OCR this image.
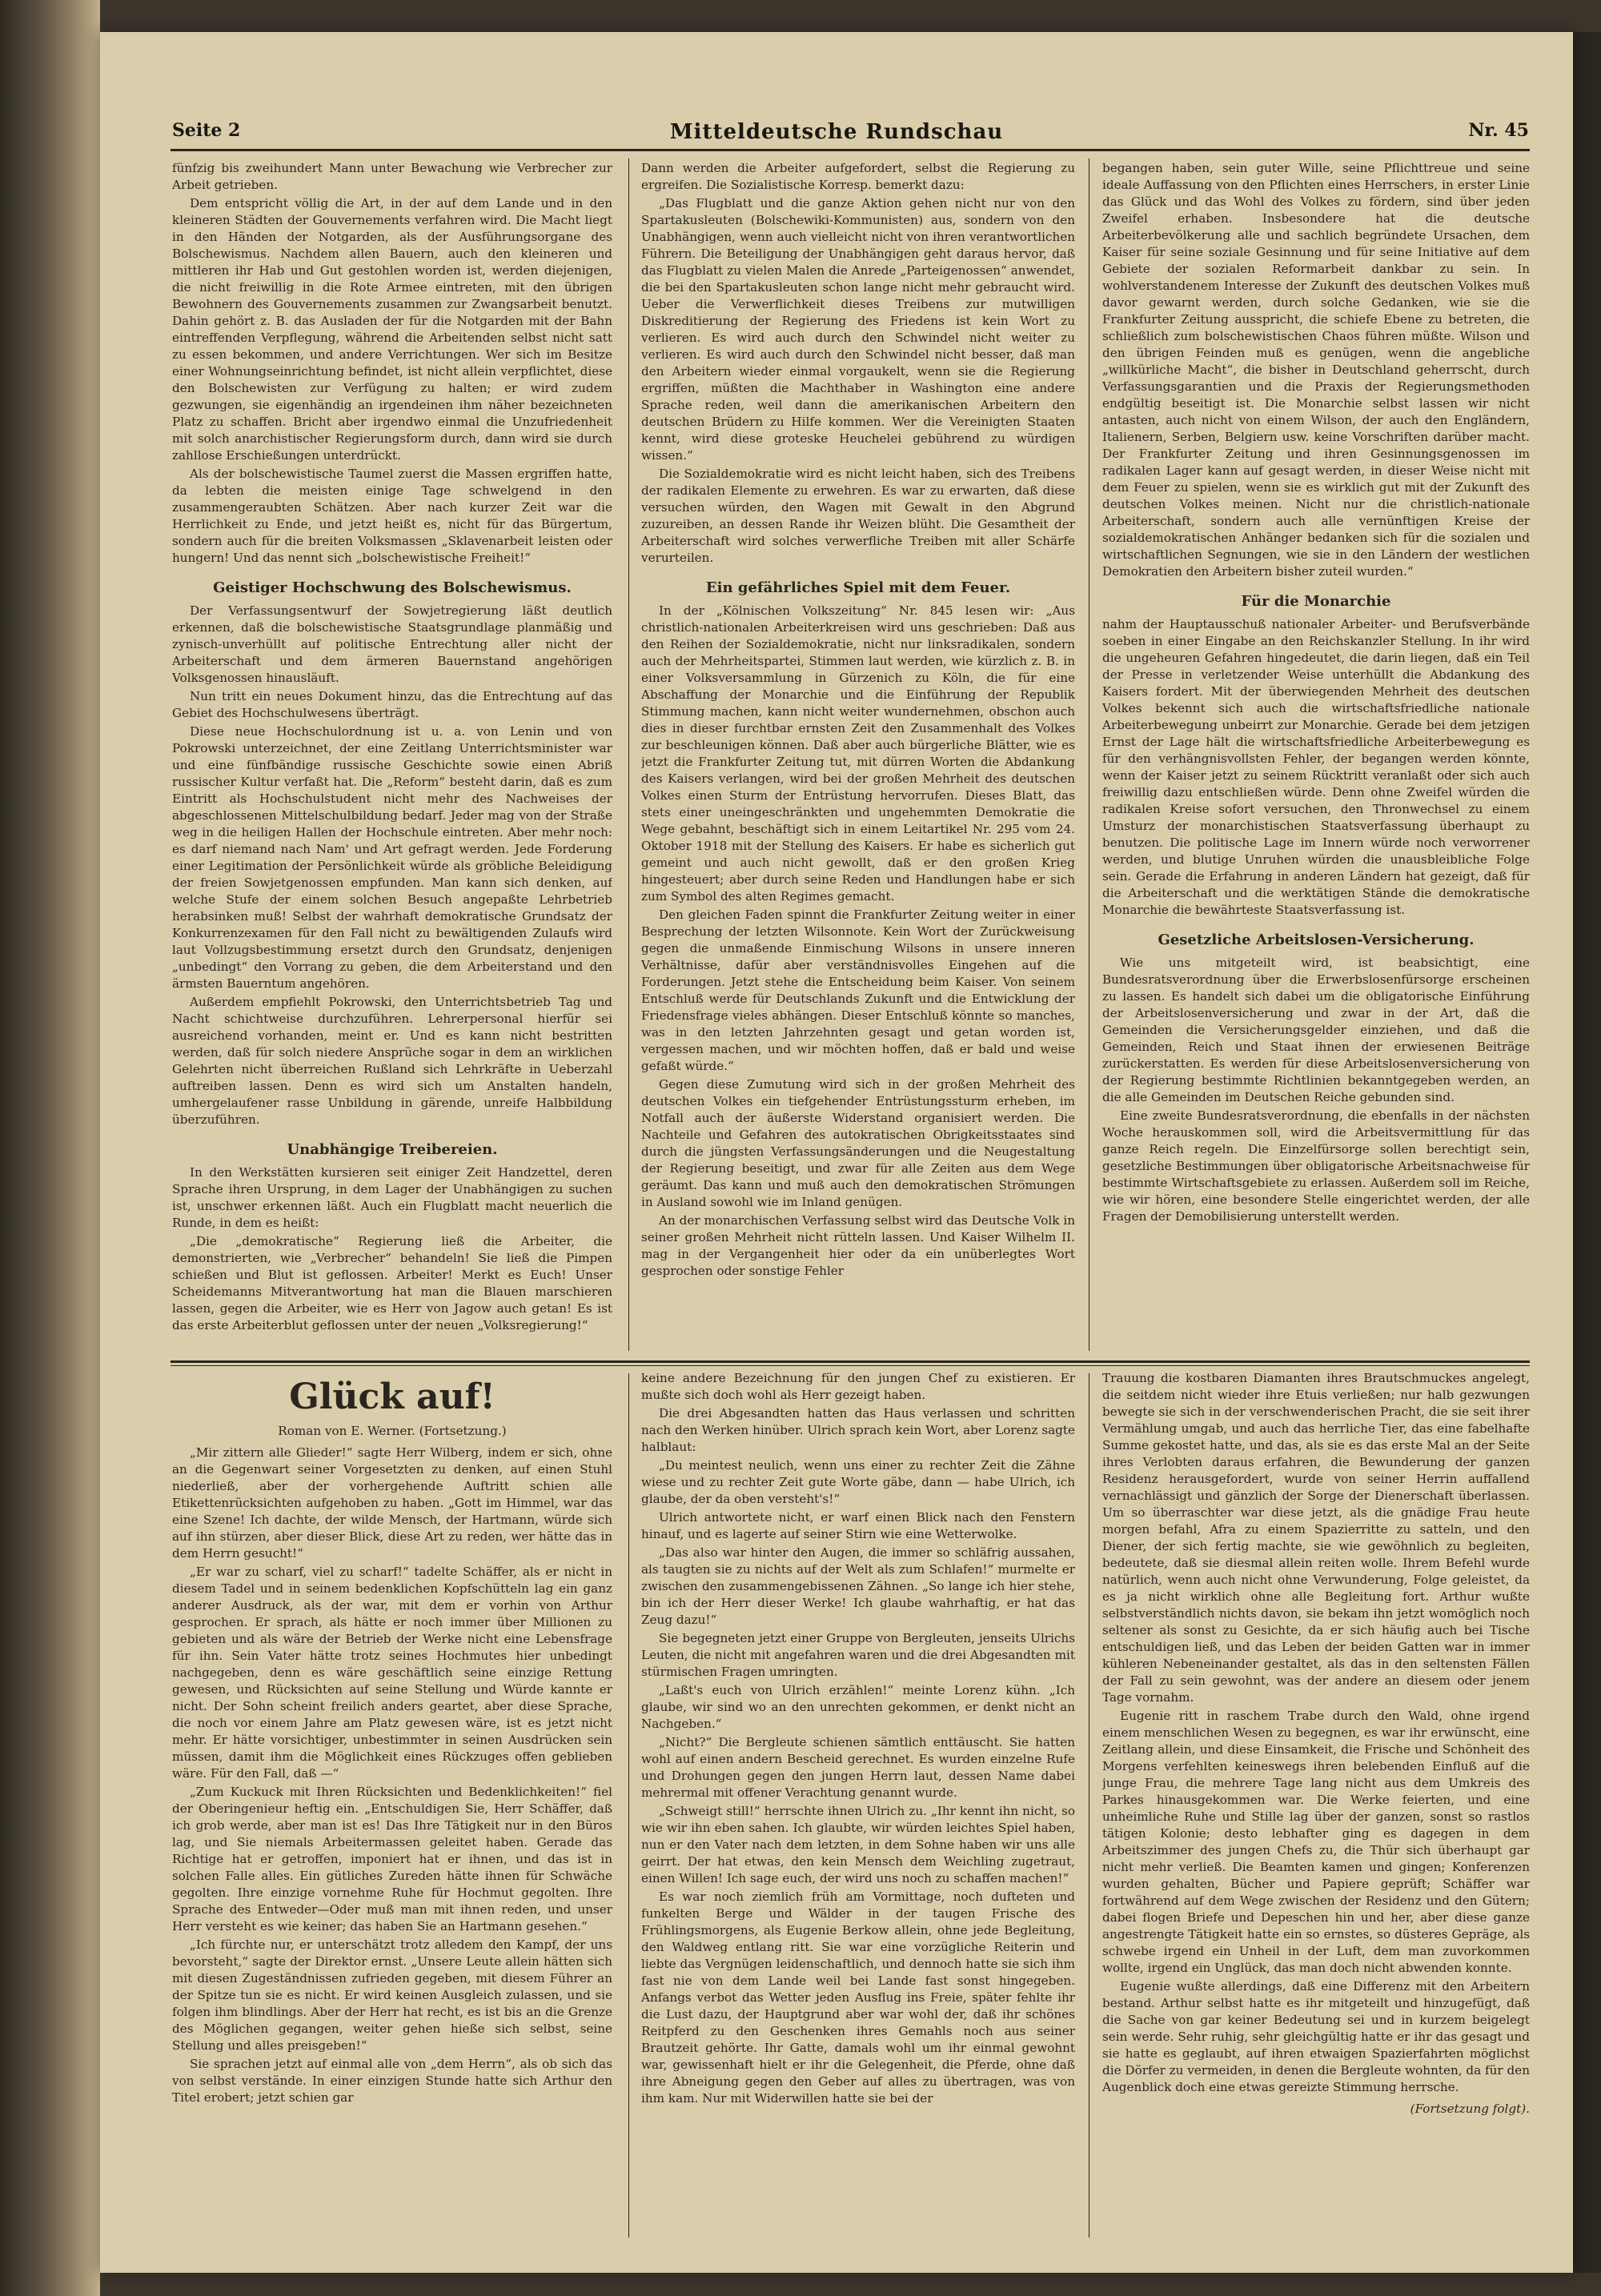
Seite 2	Mitteldeutsche Rundschau	Nr. 45

fünfzig bis zweihundert Mann unter Bewachung wie Verbrecher zur Arbeit getrieben.

Dem entspricht völlig die Art, in der auf dem Lande und in den kleineren Städten der Gouvernements verfahren wird. Die Macht liegt in den Händen der Notgarden, als der Ausführungsorgane des Bolschewismus. Nachdem allen Bauern, auch den kleineren und mittleren ihr Hab und Gut gestohlen worden ist, werden diejenigen, die nicht freiwillig in die Rote Armee eintreten, mit den übrigen Bewohnern des Gouvernements zusammen zur Zwangsarbeit benutzt. Dahin gehört z. B. das Ausladen der für die Notgarden mit der Bahn eintreffenden Verpflegung, während die Arbeitenden selbst nicht satt zu essen bekommen, und andere Verrichtungen. Wer sich im Besitze einer Wohnungseinrichtung befindet, ist nicht allein verpflichtet, diese den Bolschewisten zur Verfügung zu halten; er wird zudem gezwungen, sie eigenhändig an irgendeinen ihm näher bezeichneten Platz zu schaffen. Bricht aber irgendwo einmal die Unzufriedenheit mit solch anarchistischer Regierungsform durch, dann wird sie durch zahllose Erschießungen unterdrückt.

Als der bolschewistische Taumel zuerst die Massen ergriffen hatte, da lebten die meisten einige Tage schwelgend in den zusammengeraubten Schätzen. Aber nach kurzer Zeit war die Herrlichkeit zu Ende, und jetzt heißt es, nicht für das Bürgertum, sondern auch für die breiten Volksmassen „Sklavenarbeit leisten oder hungern! Und das nennt sich „bolschewistische Freiheit!“

Geistiger Hochschwung des Bolschewismus.

Der Verfassungsentwurf der Sowjetregierung läßt deutlich erkennen, daß die bolschewistische Staatsgrundlage planmäßig und zynisch-unverhüllt auf politische Entrechtung aller nicht der Arbeiterschaft und dem ärmeren Bauernstand angehörigen Volksgenossen hinausläuft.

Nun tritt ein neues Dokument hinzu, das die Entrechtung auf das Gebiet des Hochschulwesens überträgt.

Diese neue Hochschulordnung ist u. a. von Lenin und von Pokrowski unterzeichnet, der eine Zeitlang Unterrichtsminister war und eine fünfbändige russische Geschichte sowie einen Abriß russischer Kultur verfaßt hat. Die „Reform“ besteht darin, daß es zum Eintritt als Hochschulstudent nicht mehr des Nachweises der abgeschlossenen Mittelschulbildung bedarf. Jeder mag von der Straße weg in die heiligen Hallen der Hochschule eintreten. Aber mehr noch: es darf niemand nach Nam' und Art gefragt werden. Jede Forderung einer Legitimation der Persönlichkeit würde als gröbliche Beleidigung der freien Sowjetgenossen empfunden. Man kann sich denken, auf welche Stufe der einem solchen Besuch angepaßte Lehrbetrieb herabsinken muß! Selbst der wahrhaft demokratische Grundsatz der Konkurrenzexamen für den Fall nicht zu bewältigenden Zulaufs wird laut Vollzugsbestimmung ersetzt durch den Grundsatz, denjenigen „unbedingt“ den Vorrang zu geben, die dem Arbeiterstand und den ärmsten Bauerntum angehören.

Außerdem empfiehlt Pokrowski, den Unterrichtsbetrieb Tag und Nacht schichtweise durchzuführen. Lehrerpersonal hierfür sei ausreichend vorhanden, meint er. Und es kann nicht bestritten werden, daß für solch niedere Ansprüche sogar in dem an wirklichen Gelehrten nicht überreichen Rußland sich Lehrkräfte in Ueberzahl auftreiben lassen. Denn es wird sich um Anstalten handeln, umhergelaufener rasse Unbildung in gärende, unreife Halbbildung überzuführen.

Unabhängige Treibereien.

In den Werkstätten kursieren seit einiger Zeit Handzettel, deren Sprache ihren Ursprung, in dem Lager der Unabhängigen zu suchen ist, unschwer erkennen läßt. Auch ein Flugblatt macht neuerlich die Runde, in dem es heißt:

„Die „demokratische“ Regierung ließ die Arbeiter, die demonstrierten, wie „Verbrecher“ behandeln! Sie ließ die Pimpen schießen und Blut ist geflossen. Arbeiter! Merkt es Euch! Unser Scheidemanns Mitverantwortung hat man die Blauen marschieren lassen, gegen die Arbeiter, wie es Herr von Jagow auch getan! Es ist das erste Arbeiterblut geflossen unter der neuen „Volksregierung!“

Dann werden die Arbeiter aufgefordert, selbst die Regierung zu ergreifen. Die Sozialistische Korresp. bemerkt dazu:

„Das Flugblatt und die ganze Aktion gehen nicht nur von den Spartakusleuten (Bolschewiki-Kommunisten) aus, sondern von den Unabhängigen, wenn auch vielleicht nicht von ihren verantwortlichen Führern. Die Beteiligung der Unabhängigen geht daraus hervor, daß das Flugblatt zu vielen Malen die Anrede „Parteigenossen“ anwendet, die bei den Spartakusleuten schon lange nicht mehr gebraucht wird. Ueber die Verwerflichkeit dieses Treibens zur mutwilligen Diskreditierung der Regierung des Friedens ist kein Wort zu verlieren. Es wird auch durch den Schwindel nicht weiter zu verlieren. Es wird auch durch den Schwindel nicht besser, daß man den Arbeitern wieder einmal vorgaukelt, wenn sie die Regierung ergriffen, müßten die Machthaber in Washington eine andere Sprache reden, weil dann die amerikanischen Arbeitern den deutschen Brüdern zu Hilfe kommen. Wer die Vereinigten Staaten kennt, wird diese groteske Heuchelei gebührend zu würdigen wissen.“

Die Sozialdemokratie wird es nicht leicht haben, sich des Treibens der radikalen Elemente zu erwehren. Es war zu erwarten, daß diese versuchen würden, den Wagen mit Gewalt in den Abgrund zuzureiben, an dessen Rande ihr Weizen blüht. Die Gesamtheit der Arbeiterschaft wird solches verwerfliche Treiben mit aller Schärfe verurteilen.

Ein gefährliches Spiel mit dem Feuer.

In der „Kölnischen Volkszeitung“ Nr. 845 lesen wir: „Aus christlich-nationalen Arbeiterkreisen wird uns geschrieben: Daß aus den Reihen der Sozialdemokratie, nicht nur linksradikalen, sondern auch der Mehrheitspartei, Stimmen laut werden, wie kürzlich z. B. in einer Volksversammlung in Gürzenich zu Köln, die für eine Abschaffung der Monarchie und die Einführung der Republik Stimmung machen, kann nicht weiter wundernehmen, obschon auch dies in dieser furchtbar ernsten Zeit den Zusammenhalt des Volkes zur beschleunigen können. Daß aber auch bürgerliche Blätter, wie es jetzt die Frankfurter Zeitung tut, mit dürren Worten die Abdankung des Kaisers verlangen, wird bei der großen Mehrheit des deutschen Volkes einen Sturm der Entrüstung hervorrufen. Dieses Blatt, das stets einer uneingeschränkten und ungehemmten Demokratie die Wege gebahnt, beschäftigt sich in einem Leitartikel Nr. 295 vom 24. Oktober 1918 mit der Stellung des Kaisers. Er habe es sicherlich gut gemeint und auch nicht gewollt, daß er den großen Krieg hingesteuert; aber durch seine Reden und Handlungen habe er sich zum Symbol des alten Regimes gemacht.

Den gleichen Faden spinnt die Frankfurter Zeitung weiter in einer Besprechung der letzten Wilsonnote. Kein Wort der Zurückweisung gegen die unmaßende Einmischung Wilsons in unsere inneren Verhältnisse, dafür aber verständnisvolles Eingehen auf die Forderungen. Jetzt stehe die Entscheidung beim Kaiser. Von seinem Entschluß werde für Deutschlands Zukunft und die Entwicklung der Friedensfrage vieles abhängen. Dieser Entschluß könnte so manches, was in den letzten Jahrzehnten gesagt und getan worden ist, vergessen machen, und wir möchten hoffen, daß er bald und weise gefaßt würde.“

Gegen diese Zumutung wird sich in der großen Mehrheit des deutschen Volkes ein tiefgehender Entrüstungssturm erheben, im Notfall auch der äußerste Widerstand organisiert werden. Die Nachteile und Gefahren des autokratischen Obrigkeitsstaates sind durch die jüngsten Verfassungsänderungen und die Neugestaltung der Regierung beseitigt, und zwar für alle Zeiten aus dem Wege geräumt. Das kann und muß auch den demokratischen Strömungen in Ausland sowohl wie im Inland genügen.

An der monarchischen Verfassung selbst wird das Deutsche Volk in seiner großen Mehrheit nicht rütteln lassen. Und Kaiser Wilhelm II. mag in der Vergangenheit hier oder da ein unüberlegtes Wort gesprochen oder sonstige Fehler

begangen haben, sein guter Wille, seine Pflichttreue und seine ideale Auffassung von den Pflichten eines Herrschers, in erster Linie das Glück und das Wohl des Volkes zu fördern, sind über jeden Zweifel erhaben. Insbesondere hat die deutsche Arbeiterbevölkerung alle und sachlich begründete Ursachen, dem Kaiser für seine soziale Gesinnung und für seine Initiative auf dem Gebiete der sozialen Reformarbeit dankbar zu sein. In wohlverstandenem Interesse der Zukunft des deutschen Volkes muß davor gewarnt werden, durch solche Gedanken, wie sie die Frankfurter Zeitung ausspricht, die schiefe Ebene zu betreten, die schließlich zum bolschewistischen Chaos führen müßte. Wilson und den übrigen Feinden muß es genügen, wenn die angebliche „willkürliche Macht“, die bisher in Deutschland geherrscht, durch Verfassungsgarantien und die Praxis der Regierungsmethoden endgültig beseitigt ist. Die Monarchie selbst lassen wir nicht antasten, auch nicht von einem Wilson, der auch den Engländern, Italienern, Serben, Belgiern usw. keine Vorschriften darüber macht. Der Frankfurter Zeitung und ihren Gesinnungsgenossen im radikalen Lager kann auf gesagt werden, in dieser Weise nicht mit dem Feuer zu spielen, wenn sie es wirklich gut mit der Zukunft des deutschen Volkes meinen. Nicht nur die christlich-nationale Arbeiterschaft, sondern auch alle vernünftigen Kreise der sozialdemokratischen Anhänger bedanken sich für die sozialen und wirtschaftlichen Segnungen, wie sie in den Ländern der westlichen Demokratien den Arbeitern bisher zuteil wurden.“

Für die Monarchie

nahm der Hauptausschuß nationaler Arbeiter- und Berufsverbände soeben in einer Eingabe an den Reichskanzler Stellung. In ihr wird die ungeheuren Gefahren hingedeutet, die darin liegen, daß ein Teil der Presse in verletzender Weise unterhüllt die Abdankung des Kaisers fordert. Mit der überwiegenden Mehrheit des deutschen Volkes bekennt sich auch die wirtschaftsfriedliche nationale Arbeiterbewegung unbeirrt zur Monarchie. Gerade bei dem jetzigen Ernst der Lage hält die wirtschaftsfriedliche Arbeiterbewegung es für den verhängnisvollsten Fehler, der begangen werden könnte, wenn der Kaiser jetzt zu seinem Rücktritt veranlaßt oder sich auch freiwillig dazu entschließen würde. Denn ohne Zweifel würden die radikalen Kreise sofort versuchen, den Thronwechsel zu einem Umsturz der monarchistischen Staatsverfassung überhaupt zu benutzen. Die politische Lage im Innern würde noch verworrener werden, und blutige Unruhen würden die unausbleibliche Folge sein. Gerade die Erfahrung in anderen Ländern hat gezeigt, daß für die Arbeiterschaft und die werktätigen Stände die demokratische Monarchie die bewährteste Staatsverfassung ist.

Gesetzliche Arbeitslosen-Versicherung.

Wie uns mitgeteilt wird, ist beabsichtigt, eine Bundesratsverordnung über die Erwerbslosenfürsorge erscheinen zu lassen. Es handelt sich dabei um die obligatorische Einführung der Arbeitslosenversicherung und zwar in der Art, daß die Gemeinden die Versicherungsgelder einziehen, und daß die Gemeinden, Reich und Staat ihnen der erwiesenen Beiträge zurückerstatten. Es werden für diese Arbeitslosenversicherung von der Regierung bestimmte Richtlinien bekanntgegeben werden, an die alle Gemeinden im Deutschen Reiche gebunden sind.

Eine zweite Bundesratsverordnung, die ebenfalls in der nächsten Woche herauskommen soll, wird die Arbeitsvermittlung für das ganze Reich regeln. Die Einzelfürsorge sollen berechtigt sein, gesetzliche Bestimmungen über obligatorische Arbeitsnachweise für bestimmte Wirtschaftsgebiete zu erlassen. Außerdem soll im Reiche, wie wir hören, eine besondere Stelle eingerichtet werden, der alle Fragen der Demobilisierung unterstellt werden.

Glück auf!
Roman von E. Werner. (Fortsetzung.)

„Mir zittern alle Glieder!“ sagte Herr Wilberg, indem er sich, ohne an die Gegenwart seiner Vorgesetzten zu denken, auf einen Stuhl niederließ, aber der vorhergehende Auftritt schien alle Etikettenrücksichten aufgehoben zu haben. „Gott im Himmel, war das eine Szene! Ich dachte, der wilde Mensch, der Hartmann, würde sich auf ihn stürzen, aber dieser Blick, diese Art zu reden, wer hätte das in dem Herrn gesucht!“

„Er war zu scharf, viel zu scharf!“ tadelte Schäffer, als er nicht in diesem Tadel und in seinem bedenklichen Kopfschütteln lag ein ganz anderer Ausdruck, als der war, mit dem er vorhin von Arthur gesprochen. Er sprach, als hätte er noch immer über Millionen zu gebieten und als wäre der Betrieb der Werke nicht eine Lebensfrage für ihn. Sein Vater hätte trotz seines Hochmutes hier unbedingt nachgegeben, denn es wäre geschäftlich seine einzige Rettung gewesen, und Rücksichten auf seine Stellung und Würde kannte er nicht. Der Sohn scheint freilich anders geartet, aber diese Sprache, die noch vor einem Jahre am Platz gewesen wäre, ist es jetzt nicht mehr. Er hätte vorsichtiger, unbestimmter in seinen Ausdrücken sein müssen, damit ihm die Möglichkeit eines Rückzuges offen geblieben wäre. Für den Fall, daß —“

„Zum Kuckuck mit Ihren Rücksichten und Bedenklichkeiten!“ fiel der Oberingenieur heftig ein. „Entschuldigen Sie, Herr Schäffer, daß ich grob werde, aber man ist es! Das Ihre Tätigkeit nur in den Büros lag, und Sie niemals Arbeitermassen geleitet haben. Gerade das Richtige hat er getroffen, imponiert hat er ihnen, und das ist in solchen Falle alles. Ein gütliches Zureden hätte ihnen für Schwäche gegolten. Ihre einzige vornehme Ruhe für Hochmut gegolten. Ihre Sprache des Entweder—Oder muß man mit ihnen reden, und unser Herr versteht es wie keiner; das haben Sie an Hartmann gesehen.“

„Ich fürchte nur, er unterschätzt trotz alledem den Kampf, der uns bevorsteht,“ sagte der Direktor ernst. „Unsere Leute allein hätten sich mit diesen Zugeständnissen zufrieden gegeben, mit diesem Führer an der Spitze tun sie es nicht. Er wird keinen Ausgleich zulassen, und sie folgen ihm blindlings. Aber der Herr hat recht, es ist bis an die Grenze des Möglichen gegangen, weiter gehen hieße sich selbst, seine Stellung und alles preisgeben!“

Sie sprachen jetzt auf einmal alle von „dem Herrn“, als ob sich das von selbst verstände. In einer einzigen Stunde hatte sich Arthur den Titel erobert; jetzt schien gar

keine andere Bezeichnung für den jungen Chef zu existieren. Er mußte sich doch wohl als Herr gezeigt haben.

Die drei Abgesandten hatten das Haus verlassen und schritten nach den Werken hinüber. Ulrich sprach kein Wort, aber Lorenz sagte halblaut:

„Du meintest neulich, wenn uns einer zu rechter Zeit die Zähne wiese und zu rechter Zeit gute Worte gäbe, dann — habe Ulrich, ich glaube, der da oben versteht's!“

Ulrich antwortete nicht, er warf einen Blick nach den Fenstern hinauf, und es lagerte auf seiner Stirn wie eine Wetterwolke.

„Das also war hinter den Augen, die immer so schläfrig aussahen, als taugten sie zu nichts auf der Welt als zum Schlafen!“ murmelte er zwischen den zusammengebissenen Zähnen. „So lange ich hier stehe, bin ich der Herr dieser Werke! Ich glaube wahrhaftig, er hat das Zeug dazu!“

Sie begegneten jetzt einer Gruppe von Bergleuten, jenseits Ulrichs Leuten, die nicht mit angefahren waren und die drei Abgesandten mit stürmischen Fragen umringten.

„Laßt's euch von Ulrich erzählen!“ meinte Lorenz kühn. „Ich glaube, wir sind wo an den unrechten gekommen, er denkt nicht an Nachgeben.“

„Nicht?“ Die Bergleute schienen sämtlich enttäuscht. Sie hatten wohl auf einen andern Bescheid gerechnet. Es wurden einzelne Rufe und Drohungen gegen den jungen Herrn laut, dessen Name dabei mehrermal mit offener Verachtung genannt wurde.

„Schweigt still!“ herrschte ihnen Ulrich zu. „Ihr kennt ihn nicht, so wie wir ihn eben sahen. Ich glaubte, wir würden leichtes Spiel haben, nun er den Vater nach dem letzten, in dem Sohne haben wir uns alle geirrt. Der hat etwas, den kein Mensch dem Weichling zugetraut, einen Willen! Ich sage euch, der wird uns noch zu schaffen machen!“

Es war noch ziemlich früh am Vormittage, noch dufteten und funkelten Berge und Wälder in der taugen Frische des Frühlingsmorgens, als Eugenie Berkow allein, ohne jede Begleitung, den Waldweg entlang ritt. Sie war eine vorzügliche Reiterin und liebte das Vergnügen leidenschaftlich, und dennoch hatte sie sich ihm fast nie von dem Lande weil bei Lande fast sonst hingegeben. Anfangs verbot das Wetter jeden Ausflug ins Freie, später fehlte ihr die Lust dazu, der Hauptgrund aber war wohl der, daß ihr schönes Reitpferd zu den Geschenken ihres Gemahls noch aus seiner Brautzeit gehörte. Ihr Gatte, damals wohl um ihr einmal gewohnt war, gewissenhaft hielt er ihr die Gelegenheit, die Pferde, ohne daß ihre Abneigung gegen den Geber auf alles zu übertragen, was von ihm kam. Nur mit Widerwillen hatte sie bei der

Trauung die kostbaren Diamanten ihres Brautschmuckes angelegt, die seitdem nicht wieder ihre Etuis verließen; nur halb gezwungen bewegte sie sich in der verschwenderischen Pracht, die sie seit ihrer Vermählung umgab, und auch das herrliche Tier, das eine fabelhafte Summe gekostet hatte, und das, als sie es das erste Mal an der Seite ihres Verlobten daraus erfahren, die Bewunderung der ganzen Residenz herausgefordert, wurde von seiner Herrin auffallend vernachlässigt und gänzlich der Sorge der Dienerschaft überlassen. Um so überraschter war diese jetzt, als die gnädige Frau heute morgen befahl, Afra zu einem Spazierritte zu satteln, und den Diener, der sich fertig machte, sie wie gewöhnlich zu begleiten, bedeutete, daß sie diesmal allein reiten wolle. Ihrem Befehl wurde natürlich, wenn auch nicht ohne Verwunderung, Folge geleistet, da es ja nicht wirklich ohne alle Begleitung fort. Arthur wußte selbstverständlich nichts davon, sie bekam ihn jetzt womöglich noch seltener als sonst zu Gesichte, da er sich häufig auch bei Tische entschuldigen ließ, und das Leben der beiden Gatten war in immer kühleren Nebeneinander gestaltet, als das in den seltensten Fällen der Fall zu sein gewohnt, was der andere an diesem oder jenem Tage vornahm.

Eugenie ritt in raschem Trabe durch den Wald, ohne irgend einem menschlichen Wesen zu begegnen, es war ihr erwünscht, eine Zeitlang allein, und diese Einsamkeit, die Frische und Schönheit des Morgens verfehlten keineswegs ihren belebenden Einfluß auf die junge Frau, die mehrere Tage lang nicht aus dem Umkreis des Parkes hinausgekommen war. Die Werke feierten, und eine unheimliche Ruhe und Stille lag über der ganzen, sonst so rastlos tätigen Kolonie; desto lebhafter ging es dagegen in dem Arbeitszimmer des jungen Chefs zu, die Thür sich überhaupt gar nicht mehr verließ. Die Beamten kamen und gingen; Konferenzen wurden gehalten, Bücher und Papiere geprüft; Schäffer war fortwährend auf dem Wege zwischen der Residenz und den Gütern; dabei flogen Briefe und Depeschen hin und her, aber diese ganze angestrengte Tätigkeit hatte ein so ernstes, so düsteres Gepräge, als schwebe irgend ein Unheil in der Luft, dem man zuvorkommen wollte, irgend ein Unglück, das man doch nicht abwenden konnte.

Eugenie wußte allerdings, daß eine Differenz mit den Arbeitern bestand. Arthur selbst hatte es ihr mitgeteilt und hinzugefügt, daß die Sache von gar keiner Bedeutung sei und in kurzem beigelegt sein werde. Sehr ruhig, sehr gleichgültig hatte er ihr das gesagt und sie hatte es geglaubt, auf ihren etwaigen Spazierfahrten möglichst die Dörfer zu vermeiden, in denen die Bergleute wohnten, da für den Augenblick doch eine etwas gereizte Stimmung herrsche.

(Fortsetzung folgt).
